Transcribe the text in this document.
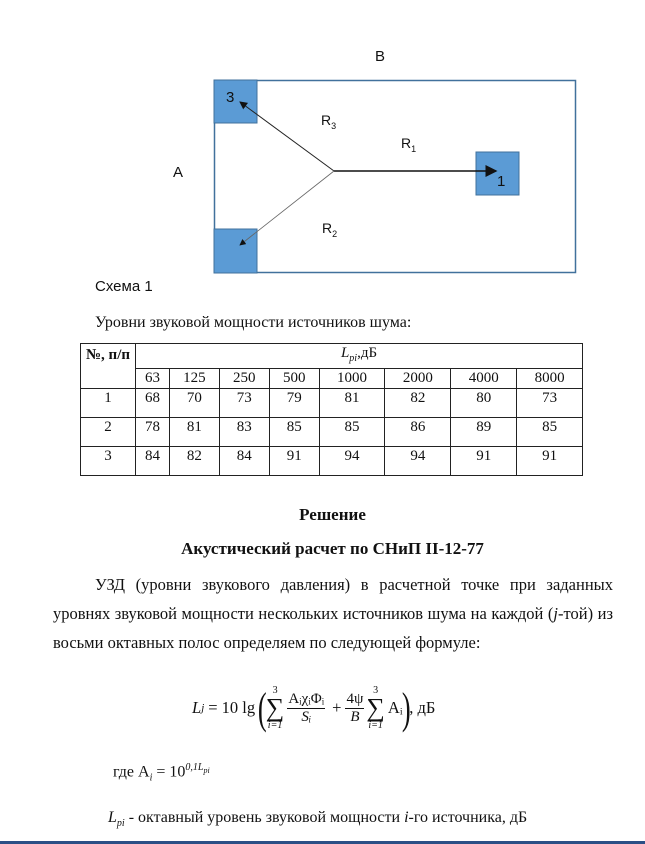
B
A
3
1
$R_3$
$R_1$
$R_2$
Схема 1
Уровни звуковой мощности источников шума:
№, п/п	$L_{pi},дБ$							
	63	125	250	500	1000	2000	4000	8000
1	68	70	73	79	81	82	80	73
2	78	81	83	85	85	86	89	85
3	84	82	84	91	94	94	91	91
Решение
Акустический расчет по СНиП II-12-77
УЗД (уровни звукового давления) в расчетной точке при заданных уровнях звуковой мощности нескольких источников шума на каждой (j-той) из восьми октавных полос определяем по следующей формуле:
L j = 10 lg ( 3
∑
i=1
AᵢχᵢΦᵢ
Sᵢ + $\frac{4\psi}{B} 3$
∑
i=1
Aᵢ
)
, дБ
где $A_i = 10^{0,1L_{pi}}$
$L_{pi}$ - октавный уровень звуковой мощности i-го источника, дБ
